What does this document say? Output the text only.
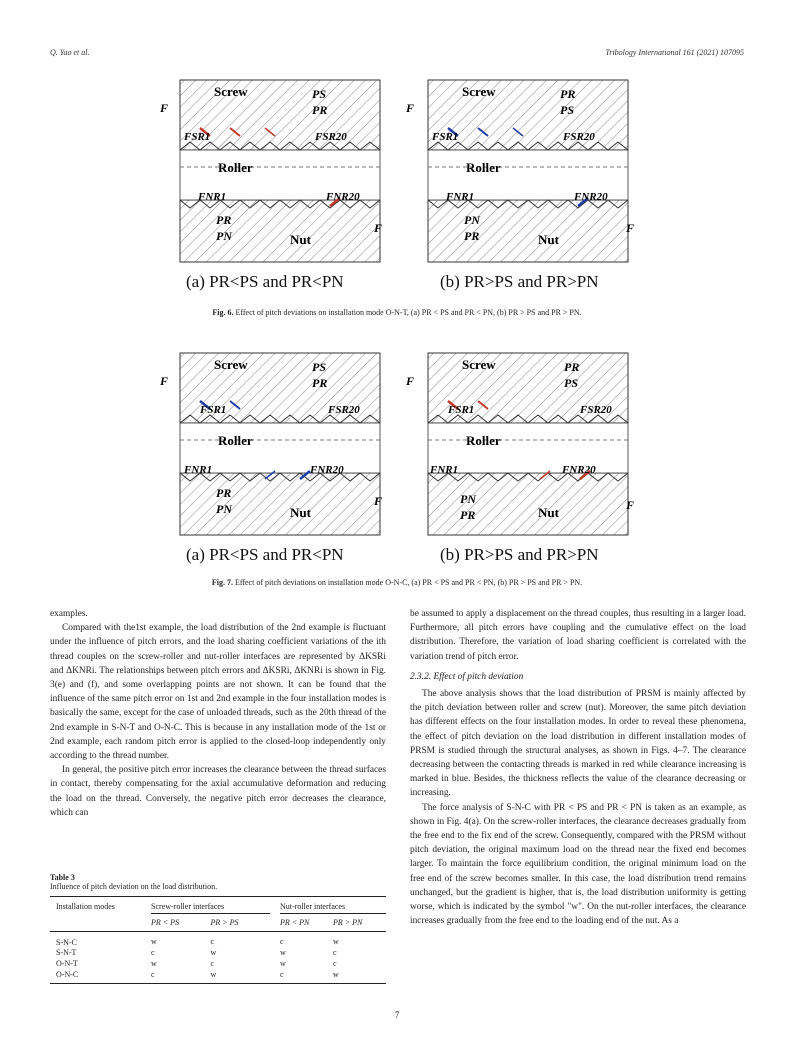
Q. Yao et al.	Tribology International 161 (2021) 107095
Screw
Roller
Nut
F
FSR1	FSR20
FNR1	FNR20
PS
PR
PR
PN
F
Screw
Roller
Nut
F
FSR1	FSR20
FNR1	FNR20
PR
PS
PN
PR
F
(a) PR<PS and PR<PN	(b) PR>PS and PR>PN
Fig. 6. Effect of pitch deviations on installation mode O-N-T, (a) PR < PS and PR < PN, (b) PR > PS and PR > PN.
Screw
Roller
Nut
F
FSR1	FSR20
FNR1	FNR20
PS
PR
PR
PN
F
Screw
Roller
Nut
F
FSR1	FSR20
FNR1	FNR20
PR
PS
PN
PR
F
(a) PR<PS and PR<PN	(b) PR>PS and PR>PN
Fig. 7. Effect of pitch deviations on installation mode O-N-C, (a) PR < PS and PR < PN, (b) PR > PS and PR > PN.

examples.

Compared with the1st example, the load distribution of the 2nd example is fluctuant under the influence of pitch errors, and the load sharing coefficient variations of the ith thread couples on the screw-roller and nut-roller interfaces are represented by ΔKSRi and ΔKNRi. The relationships between pitch errors and ΔKSRi, ΔKNRi is shown in Fig. 3(e) and (f), and some overlapping points are not shown. It can be found that the influence of the same pitch error on 1st and 2nd example in the four installation modes is basically the same, except for the case of unloaded threads, such as the 20th thread of the 2nd example in S-N-T and O-N-C. This is because in any installation mode of the 1st or 2nd example, each random pitch error is applied to the closed-loop independently only according to the thread number.

In general, the positive pitch error increases the clearance between the thread surfaces in contact, thereby compensating for the axial accumulative deformation and reducing the load on the thread. Conversely, the negative pitch error decreases the clearance, which can

Table 3
Influence of pitch deviation on the load distribution.
Installation modes	Screw-roller interfaces			Nut-roller interfaces	
	PR < PS	PR > PS		PR < PN	PR > PN
S-N-C	w	c		c	w
S-N-T	c	w		w	c
O-N-T	w	c		w	c
O-N-C	c	w		c	w

be assumed to apply a displacement on the thread couples, thus resulting in a larger load. Furthermore, all pitch errors have coupling and the cumulative effect on the load distribution. Therefore, the variation of load sharing coefficient is correlated with the variation trend of pitch error.

2.3.2. Effect of pitch deviation

The above analysis shows that the load distribution of PRSM is mainly affected by the pitch deviation between roller and screw (nut). Moreover, the same pitch deviation has different effects on the four installation modes. In order to reveal these phenomena, the effect of pitch deviation on the load distribution in different installation modes of PRSM is studied through the structural analyses, as shown in Figs. 4–7. The clearance decreasing between the contacting threads is marked in red while clearance increasing is marked in blue. Besides, the thickness reflects the value of the clearance decreasing or increasing.

The force analysis of S-N-C with PR < PS and PR < PN is taken as an example, as shown in Fig. 4(a). On the screw-roller interfaces, the clearance decreases gradually from the free end to the fix end of the screw. Consequently, compared with the PRSM without pitch deviation, the original maximum load on the thread near the fixed end becomes larger. To maintain the force equilibrium condition, the original minimum load on the free end of the screw becomes smaller. In this case, the load distribution trend remains unchanged, but the gradient is higher, that is, the load distribution uniformity is getting worse, which is indicated by the symbol "w". On the nut-roller interfaces, the clearance increases gradually from the free end to the loading end of the nut. As a

7
